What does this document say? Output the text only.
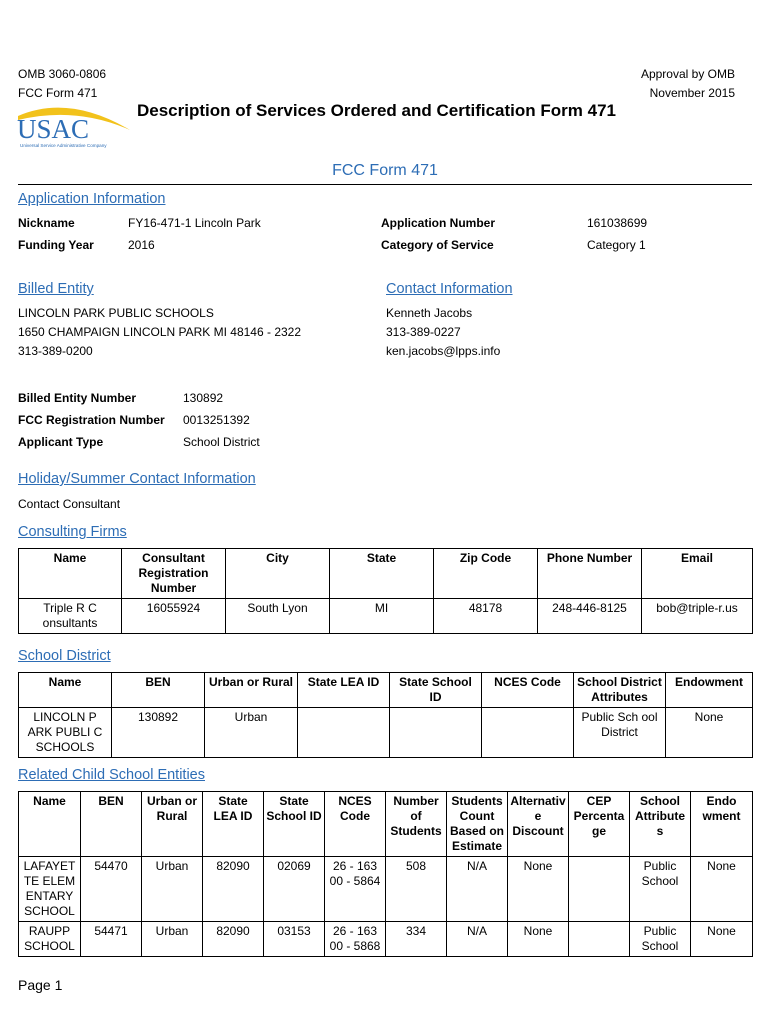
OMB 3060-0806
FCC Form 471
Approval by OMB
November 2015
USAC
Universal Service Administrative Company
Description of Services Ordered and Certification Form 471
FCC Form 471
Application Information
Nickname	FY16-471-1 Lincoln Park
Funding Year	2016
Application Number	161038699
Category of Service	Category 1
Billed Entity
LINCOLN PARK PUBLIC SCHOOLS
1650 CHAMPAIGN LINCOLN PARK MI 48146 - 2322
313-389-0200
Contact Information
Kenneth Jacobs
313-389-0227
ken.jacobs@lpps.info
Billed Entity Number	130892
FCC Registration Number 0013251392
Applicant Type	School District
Holiday/Summer Contact Information
Contact Consultant
Consulting Firms
Name	Consultant Registration Number	City	State	Zip Code	Phone Number	Email
Triple R C onsultants	16055924	South Lyon	MI	48178	248-446-8125	bob@triple-r.us
School District
Name	BEN	Urban or Rural	State LEA ID	State School ID	NCES Code	School District Attributes	Endowment
LINCOLN P ARK PUBLI C SCHOOLS	130892	Urban				Public Sch ool District	None
Related Child School Entities
Name	BEN	Urban or Rural	State LEA ID	State School ID	NCES Code	Number of Students	Students Count Based on Estimate	Alternative Discount	CEP Percentage	School Attributes	Endo wment
LAFAYET TE ELEM ENTARY SCHOOL	54470	Urban	82090	02069	26 - 163 00 - 5864	508	N/A	None		Public School	None
RAUPP SCHOOL	54471	Urban	82090	03153	26 - 163 00 - 5868	334	N/A	None		Public School	None
Page 1
